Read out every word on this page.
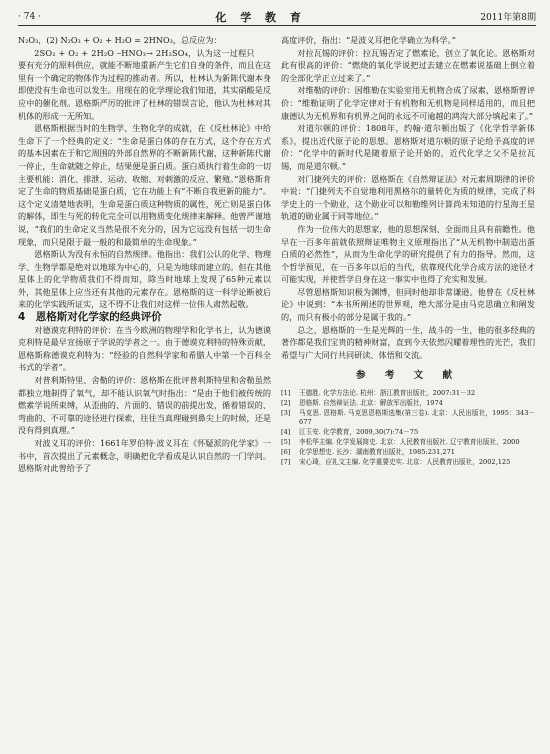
· 74 ·	化 学 教 育	2011年第8期

N₂O₃，(2) N₂O₃ + O₂ + H₂O = 2HNO₃，总反应为：

2SO₂ + O₂ + 2H₂O ⎯HNO₃→ 2H₂SO₄，认为这一过程只

要有充分的原料供应，就能不断地重新产生它们自身的条件，而且在这里有一个确定的物体作为过程的推动者。所以，杜林认为新陈代谢本身即使没有生命也可以发生。用现在的化学理论我们知道，其实硝酸是反应中的催化剂。恩格斯严厉的批评了杜林的错误言论，他认为杜林对其机体的形成一无所知。

恩格斯根据当时的生物学、生物化学的成就，在《反杜林论》中给生命下了一个经典的定义：“生命是蛋白体的存在方式，这个存在方式的基本因素在于和它周围的外部自然界的不断新陈代谢，这种新陈代谢一停止，生命就随之停止，结果便是蛋白质。蛋白质执行着生命的一切主要机能：消化、排泄、运动、收缩、对刺激的反应、繁殖。”恩格斯肯定了生命的物质基础是蛋白质，它在功能上有“不断自我更新的能力”。这个定义清楚地表明，生命是蛋白质这种物质的属性，死亡则是蛋白体的解体，即生与死的转化完全可以用物质变化规律来解释。他曾严谨地说，“我们的生命定义当然是很不充分的，因为它远没有包括一切生命现象，而只是限于最一般的和最简单的生命现象。”

恩格斯认为没有永恒的自然规律。他指出：我们公认的化学、物理学、生物学都是绝对以地球为中心的，只是为地球而建立的。但在其他星体上的化学物质我们不得而知，除当时地球上发现了65种元素以外，其他星体上应当还有其他的元素存在。恩格斯的这一科学论断被后来的化学实践所证实，这不得不让我们对这样一位伟人肃然起敬。

4　恩格斯对化学家的经典评价

对德谟克利特的评价：在当今欧洲的物理学和化学书上，认为德谟克利特是最早宣扬原子学说的学者之一。由于德谟克利特的特殊贡献，恩格斯称德谟克利特为：“经验的自然科学家和希腊人中第一个百科全书式的学者”。

对普利斯特里、舍勒的评价：恩格斯在批评普利斯特里和舍勒虽然都独立地制得了氧气，却不能认识氧气时指出：“是由于他们被传统的燃素学说所束缚，从歪曲的、片面的、错误的前提出发，循着错误的、弯曲的、不可靠的途径进行探索，往往当真理碰到鼻尖上的时候，还是没有得到真理。”

对波义耳的评价：1661年罗伯特·波义耳在《怀疑派的化学家》一书中，首次提出了元素概念，明确把化学看成是认识自然的一门学问。恩格斯对此曾给予了

高度评价，指出：“是波义耳把化学确立为科学。”

对拉瓦锡的评价：拉瓦锡否定了燃素论，创立了氧化论。恩格斯对此有很高的评价：“燃烧的氧化学说把过去建立在燃素说基础上倒立着的全部化学正立过来了。”

对维勒的评价：因维勒在实验室用无机物合成了尿素，恩格斯曾评价：“维勒证明了化学定律对于有机物和无机物是同样适用的，而且把康德认为无机界和有机界之间的永远不可逾越的鸿沟大部分填起来了。”

对道尔顿的评价：1808年，约翰·道尔顿出版了《化学哲学新体系》，提出近代原子论的思想。恩格斯对道尔顿的原子论给予高度的评价：“化学中的新时代是随着原子论开始的，近代化学之父不是拉瓦锡，而是道尔顿。”

对门捷列夫的评价：恩格斯在《自然辩证法》对元素周期律的评价中说：“门捷列夫不自觉地利用黑格尔的量转化为质的规律，完成了科学史上的一个勋业，这个勋业可以和勒维列计算尚未知道的行星海王星轨道的勋业属于同等地位。”

作为一位伟大的思想家，他的思想深刻、全面而且具有前瞻性。他早在一百多年前就依照辩证唯物主义原理指出了“从无机物中制造出蛋白质的必然性”，从而为生命化学的研究提供了有力的指导。然而，这个哲学预见，在一百多年以后的当代，依靠现代化学合成方法的途径才可能实现，并使哲学自身在这一事实中也得了充实和发展。

尽管恩格斯知识极为渊博，但同时他却非常谦逊。他曾在《反杜林论》中说到：“本书所阐述的世界观，绝大部分是由马克思确立和阐发的，而只有极小的部分是属于我的。”

总之，恩格斯的一生是光辉的一生，战斗的一生，他的很多经典的著作都是我们宝贵的精神财富，直到今天依然闪耀着理性的光芒，我们希望与广大同行共同研读、体悟和交流。

参 考 文 献
[1]	王德胜. 化学方法论. 杭州：浙江教育出版社，2007:31－32
[2]	恩格斯. 自然辩证法. 北京：解放军出版社，1974
[3]	马克思. 恩格斯. 马克思恩格斯选集(第三卷). 北京：人民出版社，1995：343－677
[4]	江玉安. 化学教育，2009,30(7):74－75
[5]	李松华主编. 化学发展简史. 北京：人民教育出版社. 辽宁教育出版社，2000
[6]	化学思想史. 长沙：湖南教育出版社，1985:231,271
[7]	宋心琦，应礼文主编. 化学重要史实. 北京：人民教育出版社，2002,125
